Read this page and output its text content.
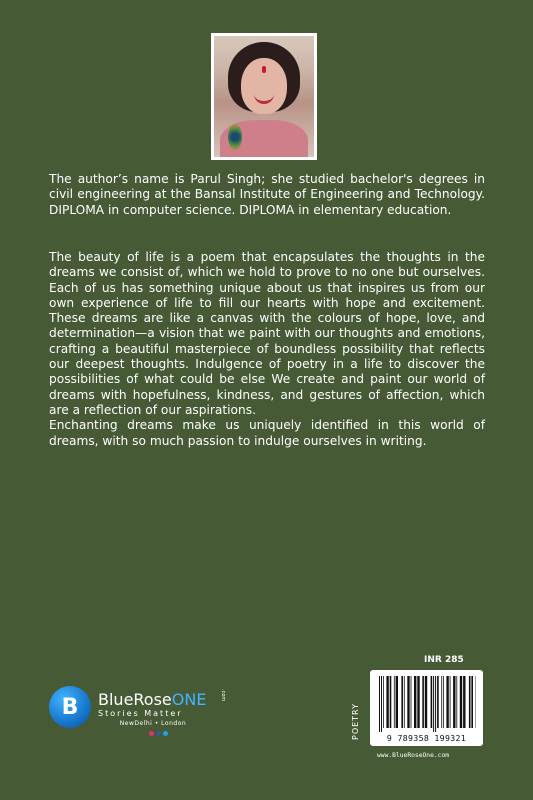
The author’s name is Parul Singh; she studied bachelor's degrees in civil engineering at the Bansal Institute of Engineering and Technology. DIPLOMA in computer science. DIPLOMA in elementary education.

The beauty of life is a poem that encapsulates the thoughts in the dreams we consist of, which we hold to prove to no one but ourselves. Each of us has something unique about us that inspires us from our own experience of life to fill our hearts with hope and excitement. These dreams are like a canvas with the colours of hope, love, and determination—a vision that we paint with our thoughts and emotions, crafting a beautiful masterpiece of boundless possibility that reflects our deepest thoughts. Indulgence of poetry in a life to discover the possibilities of what could be else We create and paint our world of dreams with hopefulness, kindness, and gestures of affection, which are a reflection of our aspirations.

Enchanting dreams make us uniquely identified in this world of dreams, with so much passion to indulge ourselves in writing.

B BlueRoseONE	.com
Stories Matter
NewDelhi • London
INR 285
POETRY	9 789358 199321
www.BlueRoseOne.com
